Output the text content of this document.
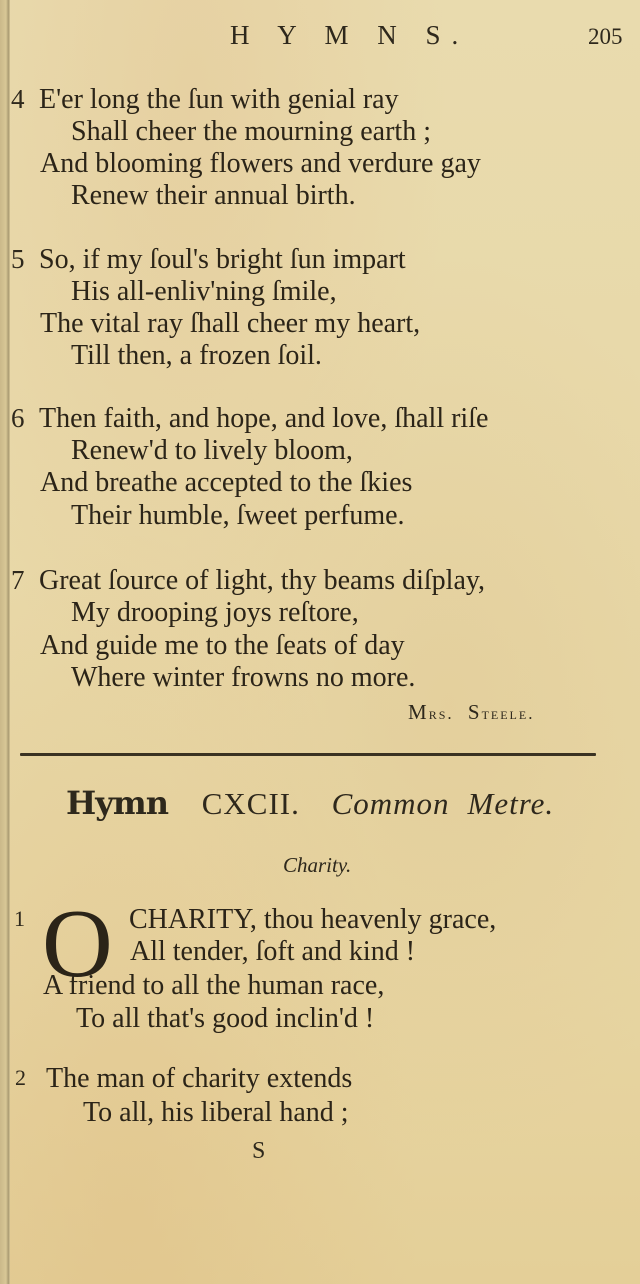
H Y M N S.	205
4 E'er long the ſun with genial ray
Shall cheer the mourning earth ;
And blooming flowers and verdure gay
Renew their annual birth.
5 So, if my ſoul's bright ſun impart
His all-enliv'ning ſmile,
The vital ray ſhall cheer my heart,
Till then, a frozen ſoil.
6 Then faith, and hope, and love, ſhall riſe
Renew'd to lively bloom,
And breathe accepted to the ſkies
Their humble, ſweet perfume.
7 Great ſource of light, thy beams diſplay,
My drooping joys reſtore,
And guide me to the ſeats of day
Where winter frowns no more.
Mrs. Steele.
Hymn CXCII. Common Metre.
Charity.
1 O CHARITY, thou heavenly grace,
All tender, ſoft and kind !
A friend to all the human race,
To all that's good inclin'd !
2 The man of charity extends
To all, his liberal hand ;
S
